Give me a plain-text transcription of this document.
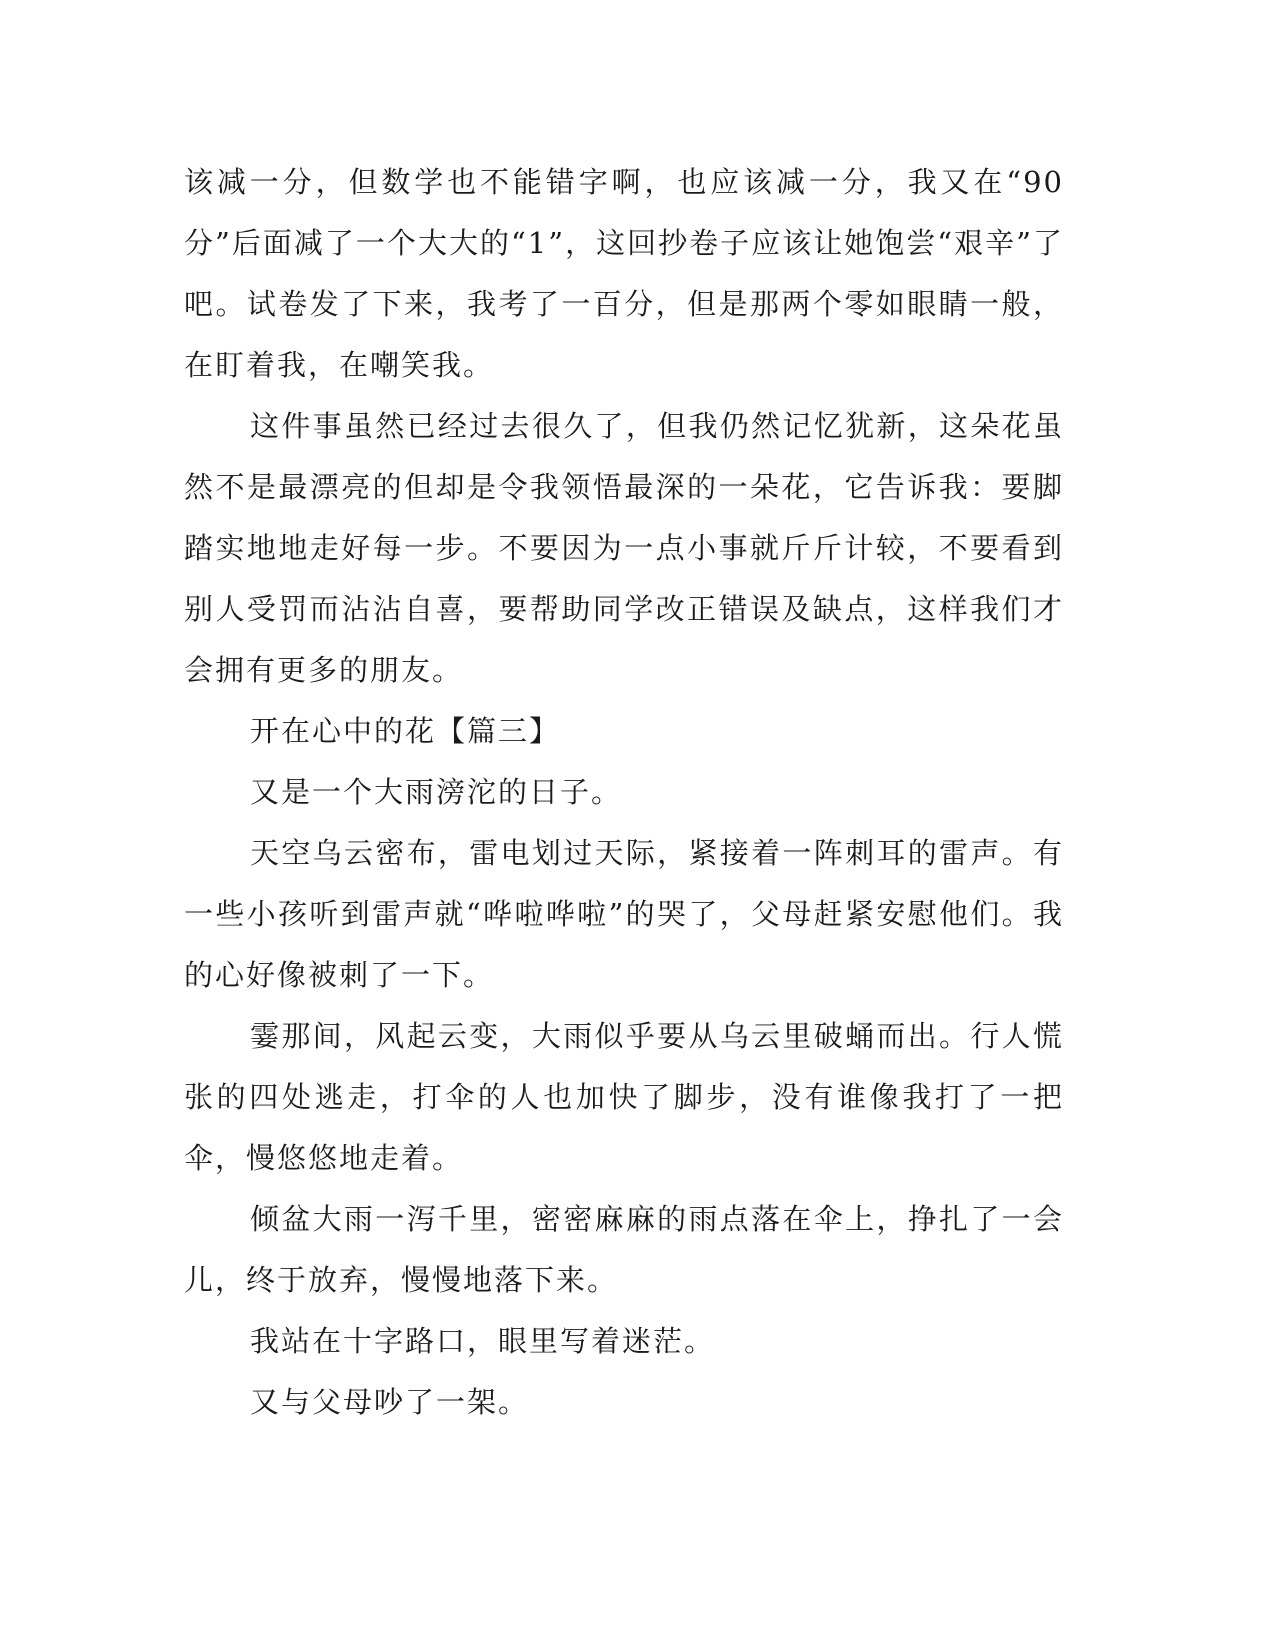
该减一分，但数学也不能错字啊，也应该减一分，我又在“90分”后面减了一个大大的“1”，这回抄卷子应该让她饱尝“艰辛”了吧。试卷发了下来，我考了一百分，但是那两个零如眼睛一般，在盯着我，在嘲笑我。

这件事虽然已经过去很久了，但我仍然记忆犹新，这朵花虽然不是最漂亮的但却是令我领悟最深的一朵花，它告诉我：要脚踏实地地走好每一步。不要因为一点小事就斤斤计较，不要看到别人受罚而沾沾自喜，要帮助同学改正错误及缺点，这样我们才会拥有更多的朋友。

开在心中的花【篇三】

又是一个大雨滂沱的日子。

天空乌云密布，雷电划过天际，紧接着一阵刺耳的雷声。有一些小孩听到雷声就“哗啦哗啦”的哭了，父母赶紧安慰他们。我的心好像被刺了一下。

霎那间，风起云变，大雨似乎要从乌云里破蛹而出。行人慌张的四处逃走，打伞的人也加快了脚步，没有谁像我打了一把伞，慢悠悠地走着。

倾盆大雨一泻千里，密密麻麻的雨点落在伞上，挣扎了一会儿，终于放弃，慢慢地落下来。

我站在十字路口，眼里写着迷茫。

又与父母吵了一架。
